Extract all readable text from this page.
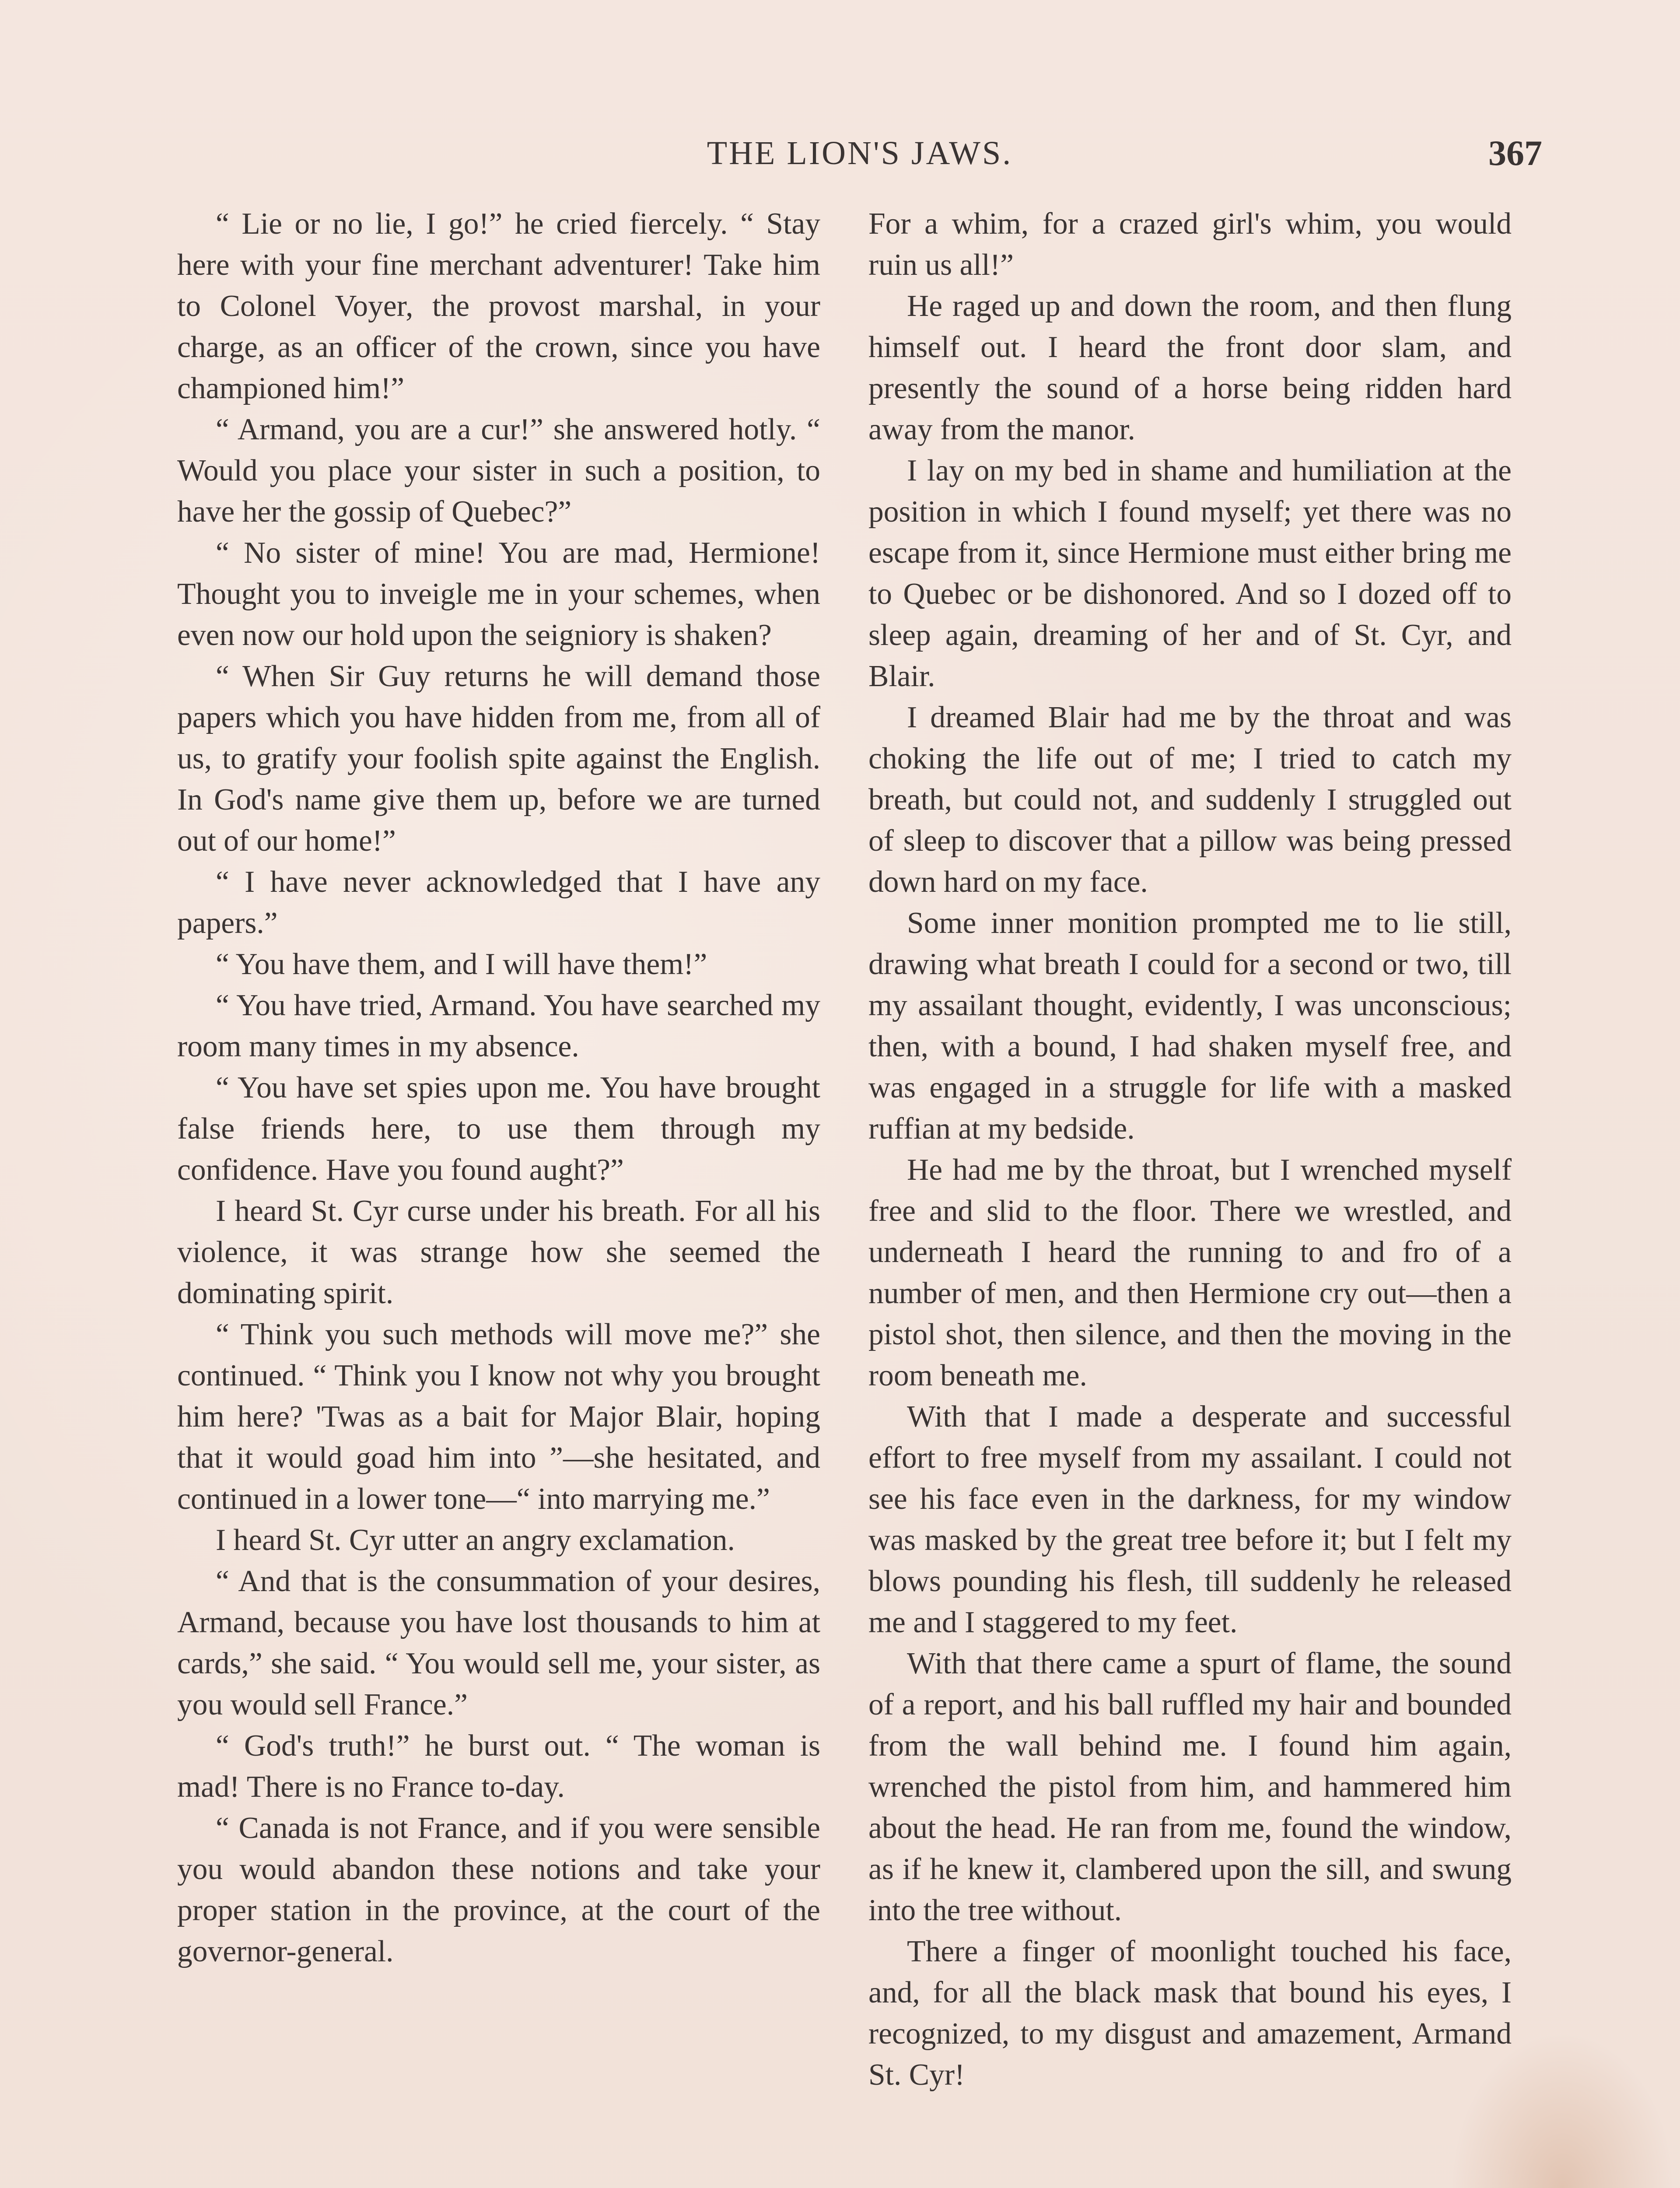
THE LION'S JAWS.	367

“ Lie or no lie, I go!” he cried fiercely. “ Stay here with your fine merchant adventurer! Take him to Colonel Voyer, the provost marshal, in your charge, as an officer of the crown, since you have championed him!”

“ Armand, you are a cur!” she answered hotly. “ Would you place your sister in such a position, to have her the gossip of Quebec?”

“ No sister of mine! You are mad, Hermione! Thought you to inveigle me in your schemes, when even now our hold upon the seigniory is shaken?

“ When Sir Guy returns he will demand those papers which you have hidden from me, from all of us, to gratify your foolish spite against the English. In God's name give them up, before we are turned out of our home!”

“ I have never acknowledged that I have any papers.”

“ You have them, and I will have them!”

“ You have tried, Armand. You have searched my room many times in my absence.

“ You have set spies upon me. You have brought false friends here, to use them through my confidence. Have you found aught?”

I heard St. Cyr curse under his breath. For all his violence, it was strange how she seemed the dominating spirit.

“ Think you such methods will move me?” she continued. “ Think you I know not why you brought him here? 'Twas as a bait for Major Blair, hoping that it would goad him into ”—she hesitated, and continued in a lower tone—“ into marrying me.”

I heard St. Cyr utter an angry exclamation.

“ And that is the consummation of your desires, Armand, because you have lost thousands to him at cards,” she said. “ You would sell me, your sister, as you would sell France.”

“ God's truth!” he burst out. “ The woman is mad! There is no France to-day.

“ Canada is not France, and if you were sensible you would abandon these notions and take your proper station in the province, at the court of the governor-general.

For a whim, for a crazed girl's whim, you would ruin us all!”

He raged up and down the room, and then flung himself out. I heard the front door slam, and presently the sound of a horse being ridden hard away from the manor.

I lay on my bed in shame and humiliation at the position in which I found myself; yet there was no escape from it, since Hermione must either bring me to Quebec or be dishonored. And so I dozed off to sleep again, dreaming of her and of St. Cyr, and Blair.

I dreamed Blair had me by the throat and was choking the life out of me; I tried to catch my breath, but could not, and suddenly I struggled out of sleep to discover that a pillow was being pressed down hard on my face.

Some inner monition prompted me to lie still, drawing what breath I could for a second or two, till my assailant thought, evidently, I was unconscious; then, with a bound, I had shaken myself free, and was engaged in a struggle for life with a masked ruffian at my bedside.

He had me by the throat, but I wrenched myself free and slid to the floor. There we wrestled, and underneath I heard the running to and fro of a number of men, and then Hermione cry out—then a pistol shot, then silence, and then the moving in the room beneath me.

With that I made a desperate and successful effort to free myself from my assailant. I could not see his face even in the darkness, for my window was masked by the great tree before it; but I felt my blows pounding his flesh, till suddenly he released me and I staggered to my feet.

With that there came a spurt of flame, the sound of a report, and his ball ruffled my hair and bounded from the wall behind me. I found him again, wrenched the pistol from him, and hammered him about the head. He ran from me, found the window, as if he knew it, clambered upon the sill, and swung into the tree without.

There a finger of moonlight touched his face, and, for all the black mask that bound his eyes, I recognized, to my disgust and amazement, Armand St. Cyr!
